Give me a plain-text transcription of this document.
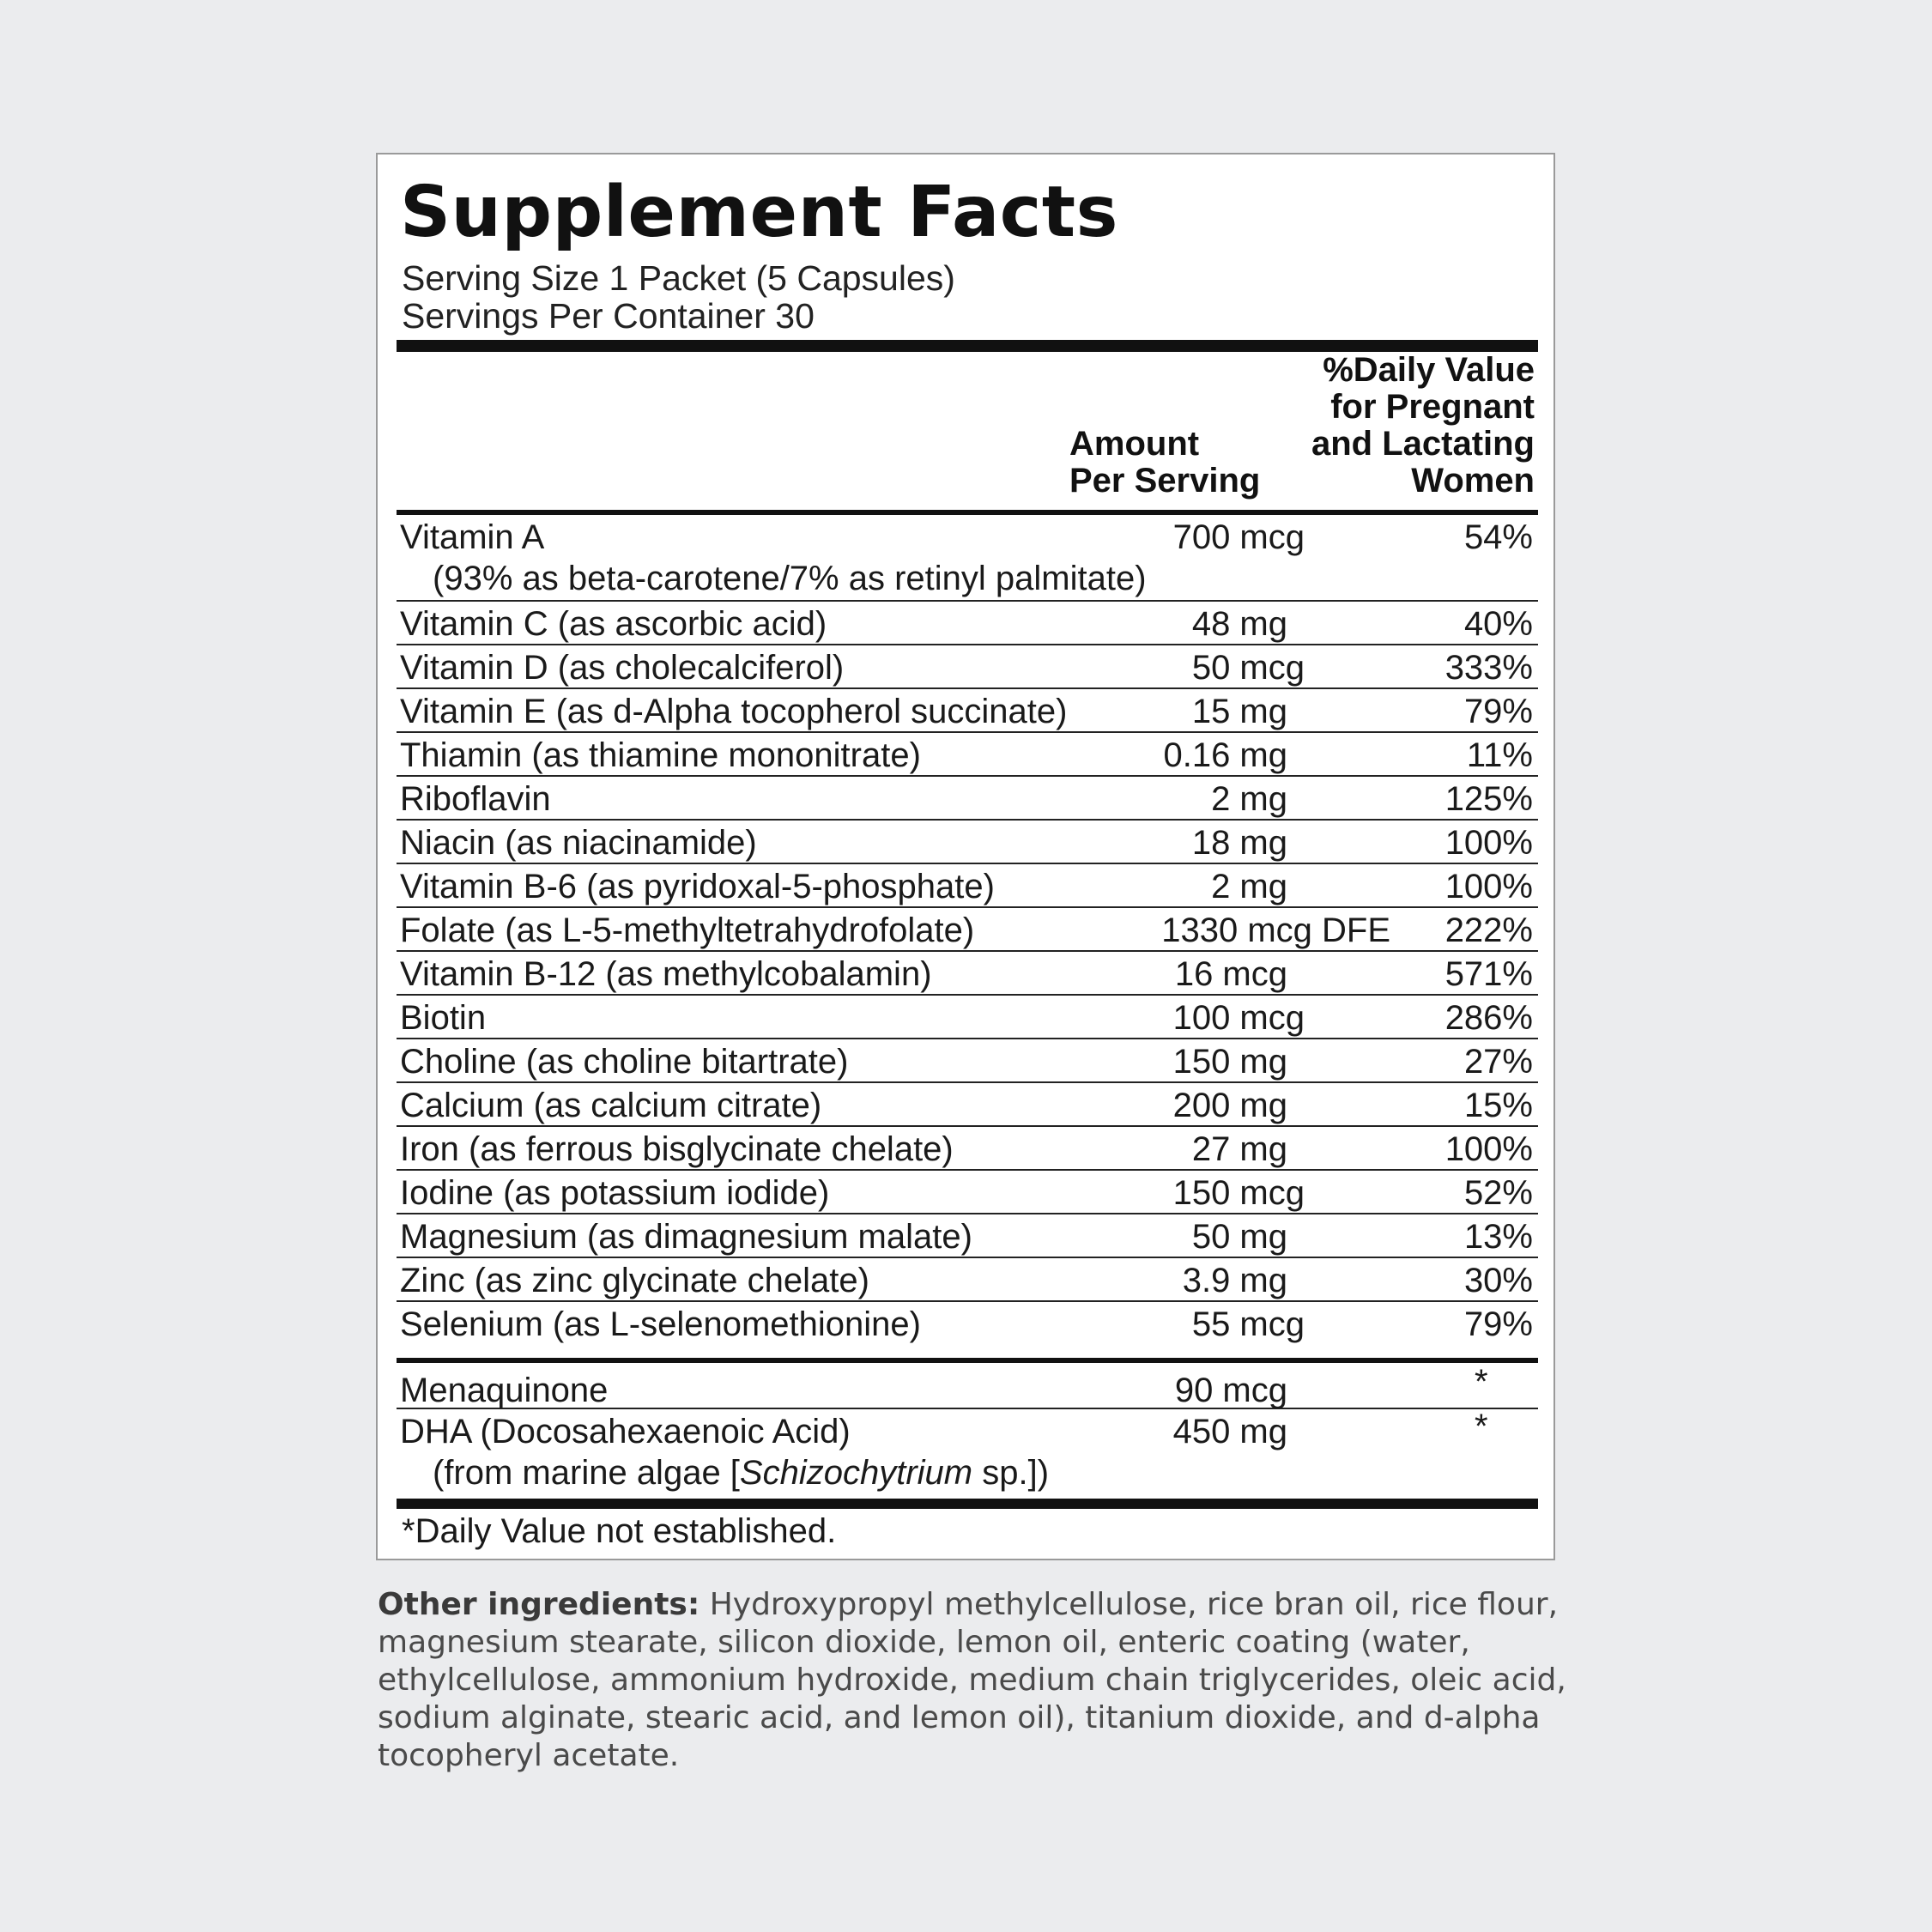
Supplement Facts
Serving Size 1 Packet (5 Capsules)
Servings Per Container 30
Amount
Per Serving
%Daily Value
for Pregnant
and Lactating
Women
Vitamin A
(93% as beta-carotene/7% as retinyl palmitate)
700 mcg	54%
Vitamin C (as ascorbic acid)	48 mg	40%
Vitamin D (as cholecalciferol)	50 mcg	333%
Vitamin E (as d-Alpha tocopherol succinate)	15 mg	79%
Thiamin (as thiamine mononitrate)	0.16 mg	11%
Riboflavin	2 mg	125%
Niacin (as niacinamide)	18 mg	100%
Vitamin B-6 (as pyridoxal-5-phosphate)	2 mg	100%
Folate (as L-5-methyltetrahydrofolate)	1330 mcg DFE 222%
Vitamin B-12 (as methylcobalamin)	16 mcg	571%
Biotin	100 mcg	286%
Choline (as choline bitartrate)	150 mg	27%
Calcium (as calcium citrate)	200 mg	15%
Iron (as ferrous bisglycinate chelate)	27 mg	100%
Iodine (as potassium iodide)	150 mcg	52%
Magnesium (as dimagnesium malate)	50 mg	13%
Zinc (as zinc glycinate chelate)	3.9 mg	30%
Selenium (as L-selenomethionine)	55 mcg	79%
Menaquinone	90 mcg	*
DHA (Docosahexaenoic Acid)
(from marine algae [Schizochytrium sp.])
450 mg	*
*Daily Value not established.
Other ingredients: Hydroxypropyl methylcellulose, rice bran oil, rice flour, magnesium stearate, silicon dioxide, lemon oil, enteric coating (water, ethylcellulose, ammonium hydroxide, medium chain triglycerides, oleic acid, sodium alginate, stearic acid, and lemon oil), titanium dioxide, and d-alpha tocopheryl acetate.
